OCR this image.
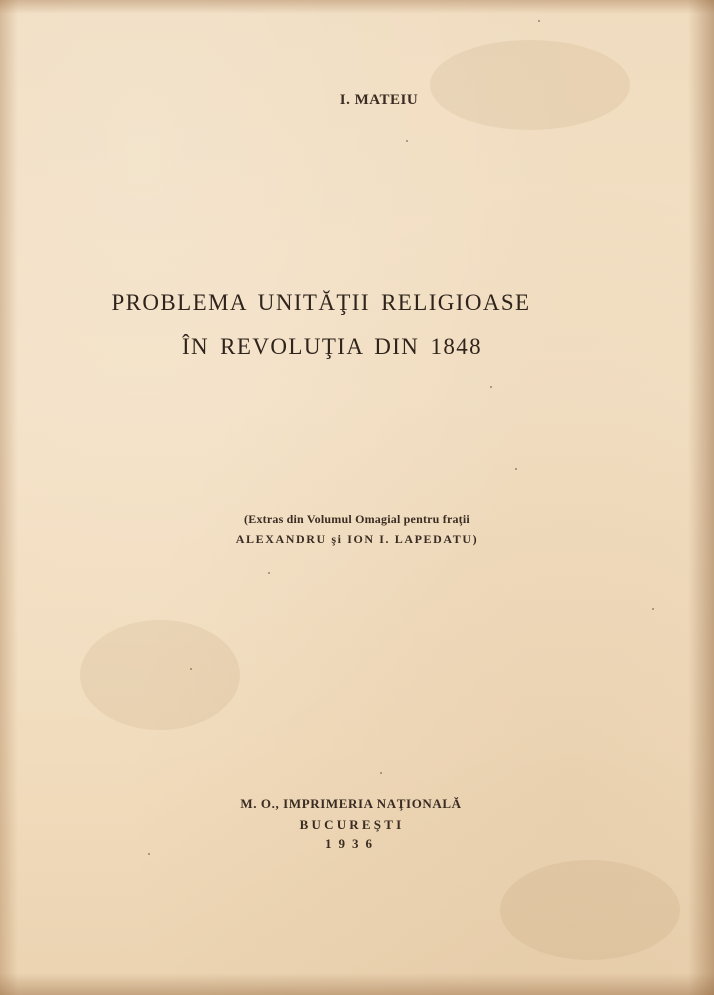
I. MATEIU
PROBLEMA UNITĂŢII RELIGIOASE
ÎN REVOLUŢIA DIN 1848
(Extras din Volumul Omagial pentru fraţii
ALEXANDRU şi ION I. LAPEDATU)
M. O., IMPRIMERIA NAŢIONALĂ
BUCUREŞTI
1936
